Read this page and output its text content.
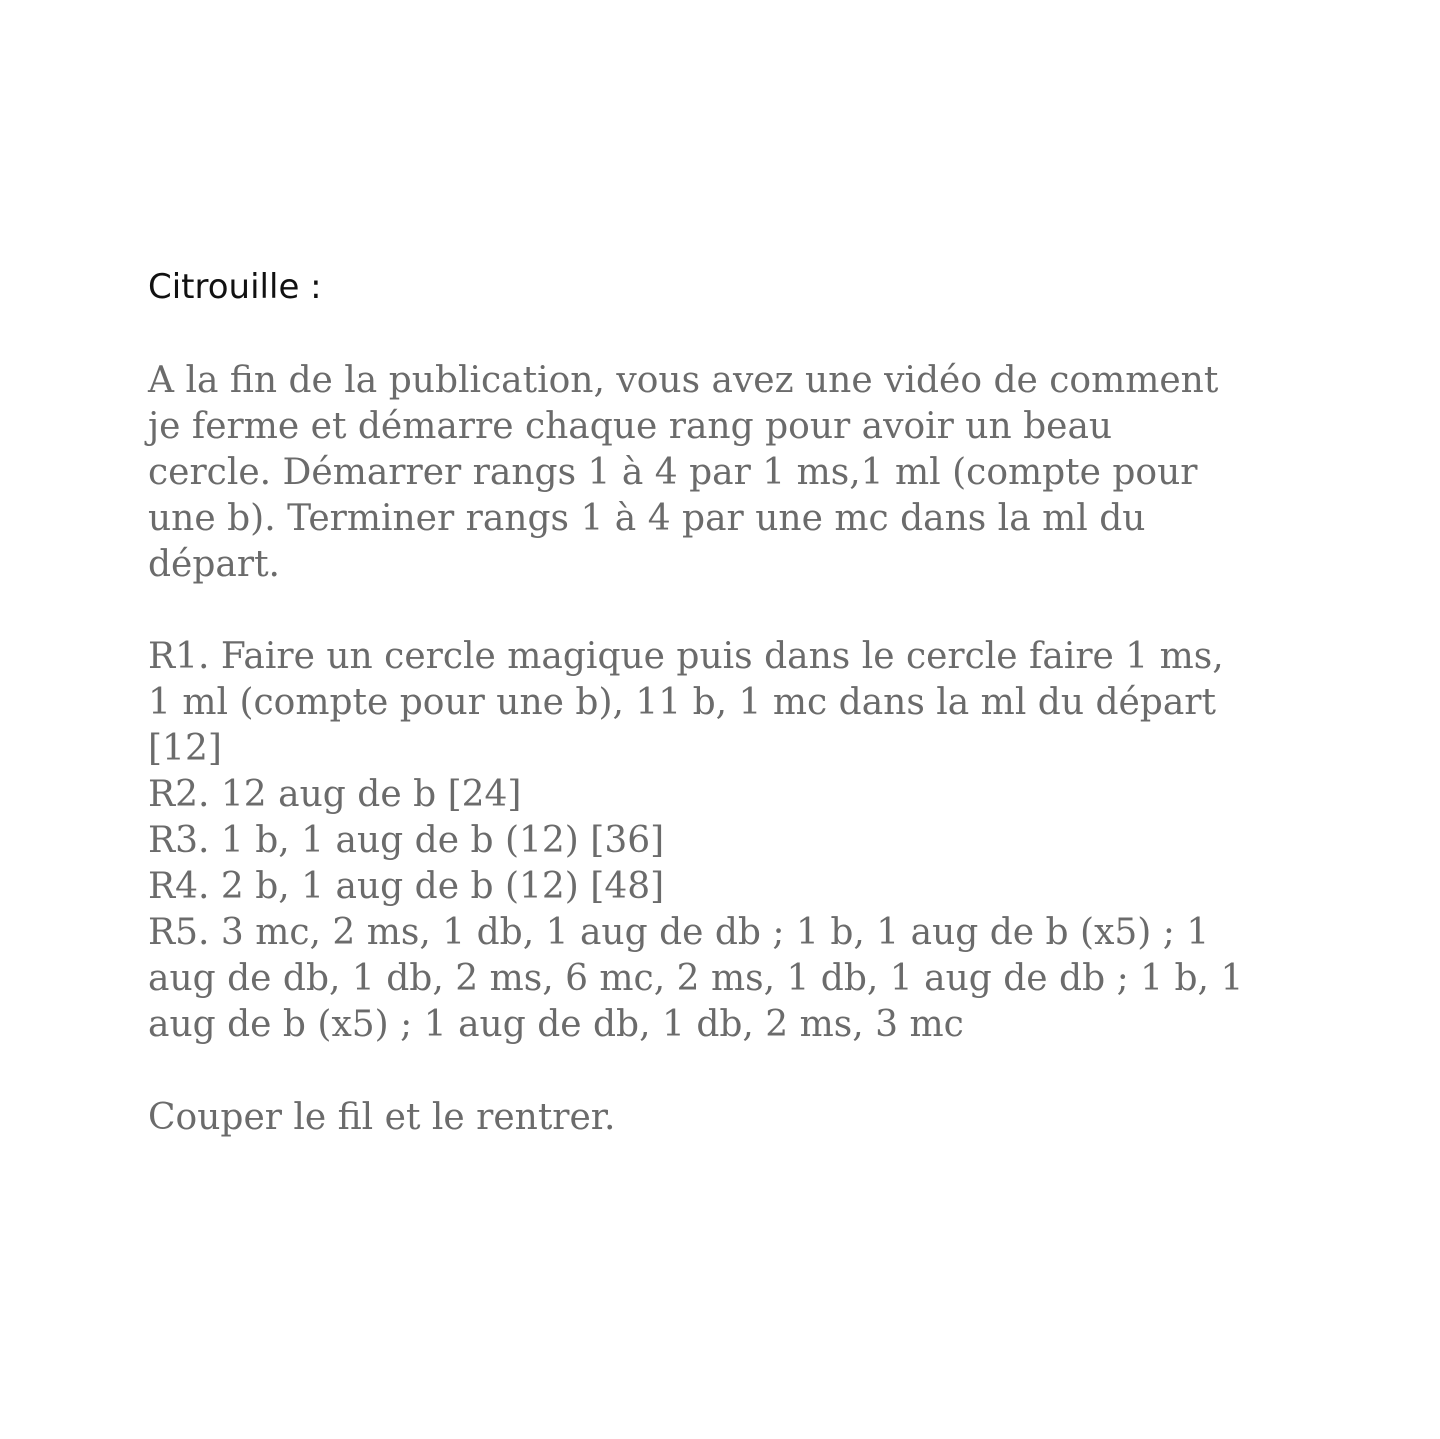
Citrouille :

A la fin de la publication, vous avez une vidéo de comment
je ferme et démarre chaque rang pour avoir un beau
cercle. Démarrer rangs 1 à 4 par 1 ms,1 ml (compte pour
une b). Terminer rangs 1 à 4 par une mc dans la ml du
départ.

R1. Faire un cercle magique puis dans le cercle faire 1 ms,
1 ml (compte pour une b), 11 b, 1 mc dans la ml du départ
[12]
R2. 12 aug de b [24]
R3. 1 b, 1 aug de b (12) [36]
R4. 2 b, 1 aug de b (12) [48]
R5. 3 mc, 2 ms, 1 db, 1 aug de db ; 1 b, 1 aug de b (x5) ; 1
aug de db, 1 db, 2 ms, 6 mc, 2 ms, 1 db, 1 aug de db ; 1 b, 1
aug de b (x5) ; 1 aug de db, 1 db, 2 ms, 3 mc

Couper le fil et le rentrer.
